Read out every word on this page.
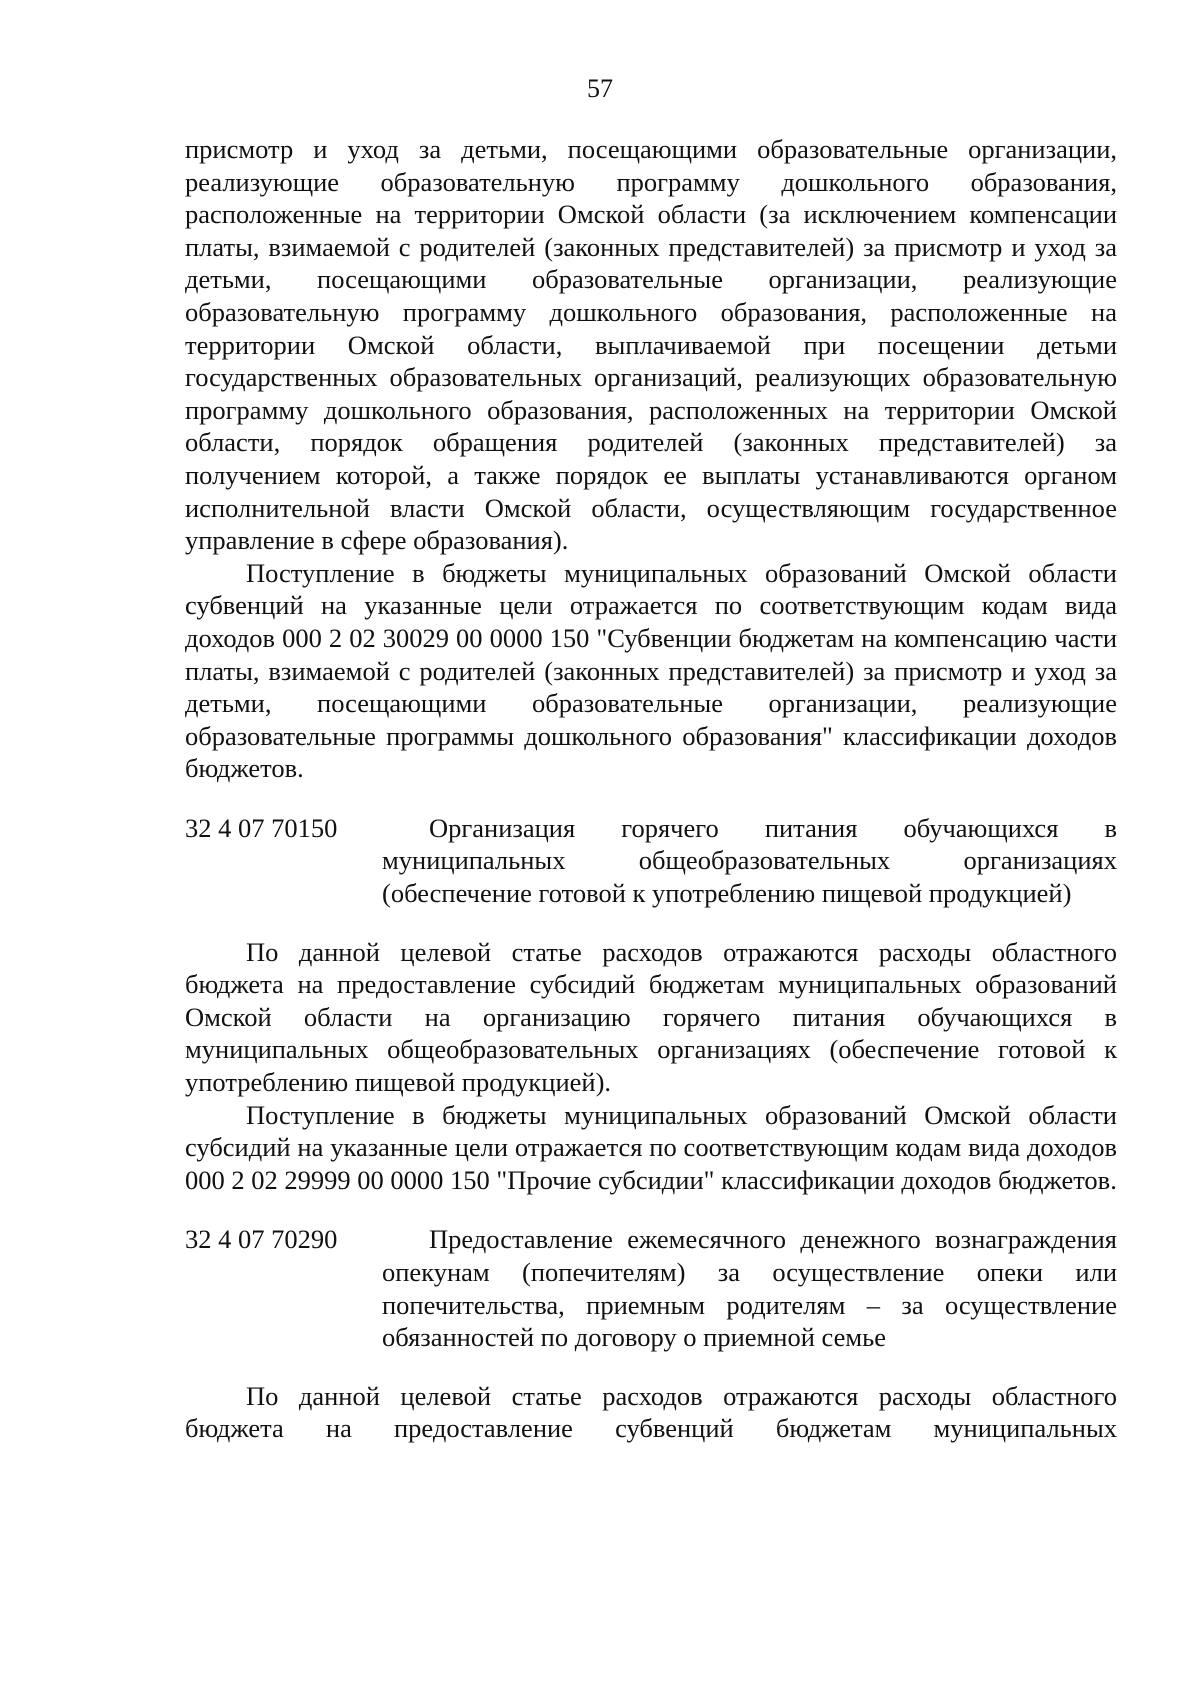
57

присмотр и уход за детьми, посещающими образовательные организации, реализующие образовательную программу дошкольного образования, расположенные на территории Омской области (за исключением компенсации платы, взимаемой с родителей (законных представителей) за присмотр и уход за детьми, посещающими образовательные организации, реализующие образовательную программу дошкольного образования, расположенные на территории Омской области, выплачиваемой при посещении детьми государственных образовательных организаций, реализующих образовательную программу дошкольного образования, расположенных на территории Омской области, порядок обращения родителей (законных представителей) за получением которой, а также порядок ее выплаты устанавливаются органом исполнительной власти Омской области, осуществляющим государственное управление в сфере образования).

Поступление в бюджеты муниципальных образований Омской области субвенций на указанные цели отражается по соответствующим кодам вида доходов 000 2 02 30029 00 0000 150 "Субвенции бюджетам на компенсацию части платы, взимаемой с родителей (законных представителей) за присмотр и уход за детьми, посещающими образовательные организации, реализующие образовательные программы дошкольного образования" классификации доходов бюджетов.

32 4 07 70150	Организация горячего питания обучающихся в муниципальных общеобразовательных организациях (обеспечение готовой к употреблению пищевой продукцией)

По данной целевой статье расходов отражаются расходы областного бюджета на предоставление субсидий бюджетам муниципальных образований Омской области на организацию горячего питания обучающихся в муниципальных общеобразовательных организациях (обеспечение готовой к употреблению пищевой продукцией).

Поступление в бюджеты муниципальных образований Омской области субсидий на указанные цели отражается по соответствующим кодам вида доходов 000 2 02 29999 00 0000 150 "Прочие субсидии" классификации доходов бюджетов.

32 4 07 70290	Предоставление ежемесячного денежного вознаграждения опекунам (попечителям) за осуществление опеки или попечительства, приемным родителям – за осуществление обязанностей по договору о приемной семье

По данной целевой статье расходов отражаются расходы областного бюджета на предоставление субвенций бюджетам муниципальных
